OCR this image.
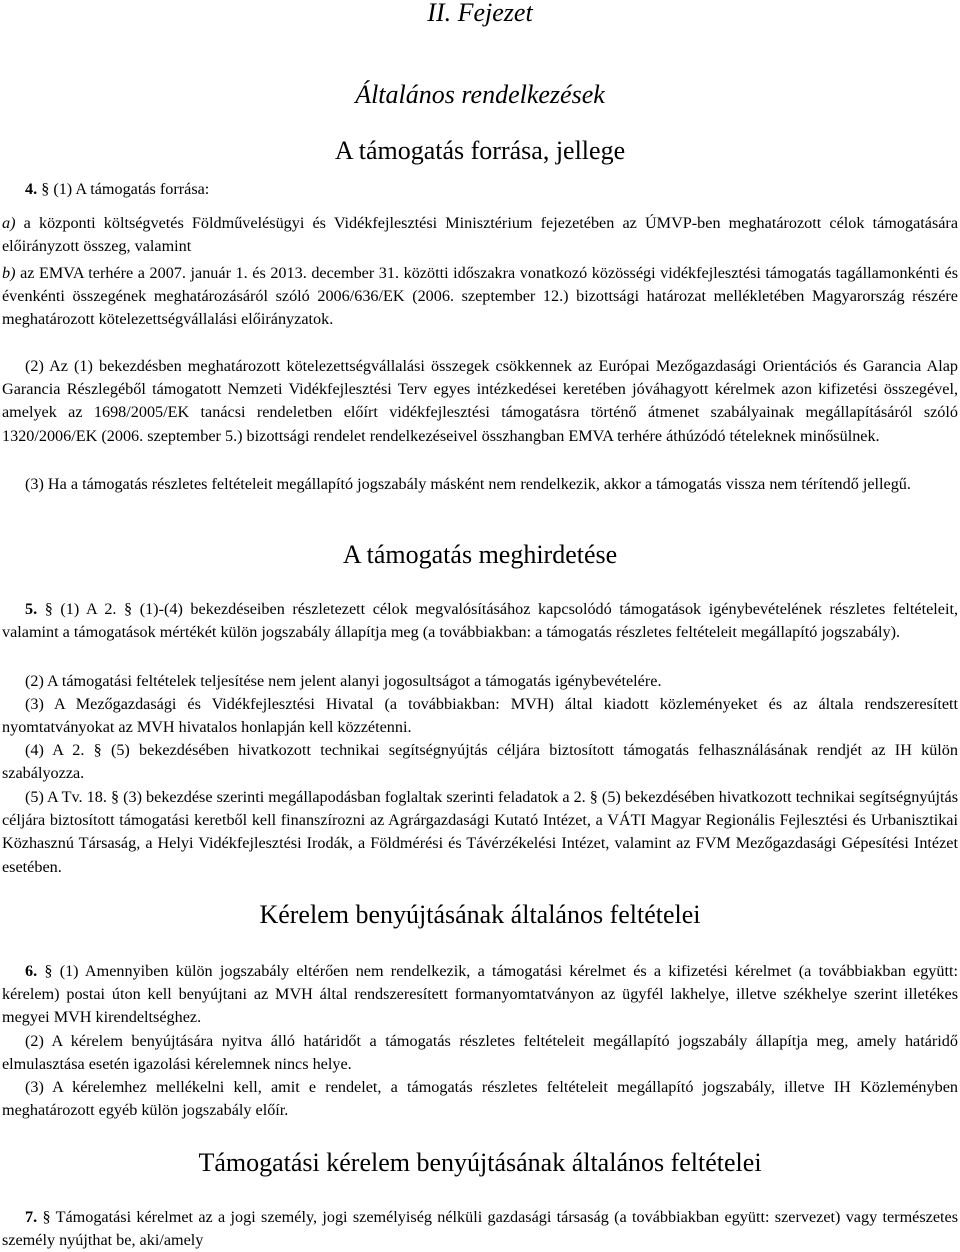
II. Fejezet
Általános rendelkezések
A támogatás forrása, jellege

4. § (1) A támogatás forrása:

a) a központi költségvetés Földművelésügyi és Vidékfejlesztési Minisztérium fejezetében az ÚMVP-ben meghatározott célok támogatására előirányzott összeg, valamint

b) az EMVA terhére a 2007. január 1. és 2013. december 31. közötti időszakra vonatkozó közösségi vidékfejlesztési támogatás tagállamonkénti és évenkénti összegének meghatározásáról szóló 2006/636/EK (2006. szeptember 12.) bizottsági határozat mellékletében Magyarország részére meghatározott kötelezettségvállalási előirányzatok.

(2) Az (1) bekezdésben meghatározott kötelezettségvállalási összegek csökkennek az Európai Mezőgazdasági Orientációs és Garancia Alap Garancia Részlegéből támogatott Nemzeti Vidékfejlesztési Terv egyes intézkedései keretében jóváhagyott kérelmek azon kifizetési összegével, amelyek az 1698/2005/EK tanácsi rendeletben előírt vidékfejlesztési támogatásra történő átmenet szabályainak megállapításáról szóló 1320/2006/EK (2006. szeptember 5.) bizottsági rendelet rendelkezéseivel összhangban EMVA terhére áthúzódó tételeknek minősülnek.

(3) Ha a támogatás részletes feltételeit megállapító jogszabály másként nem rendelkezik, akkor a támogatás vissza nem térítendő jellegű.

A támogatás meghirdetése

5. § (1) A 2. § (1)-(4) bekezdéseiben részletezett célok megvalósításához kapcsolódó támogatások igénybevételének részletes feltételeit, valamint a támogatások mértékét külön jogszabály állapítja meg (a továbbiakban: a támogatás részletes feltételeit megállapító jogszabály).

(2) A támogatási feltételek teljesítése nem jelent alanyi jogosultságot a támogatás igénybevételére.

(3) A Mezőgazdasági és Vidékfejlesztési Hivatal (a továbbiakban: MVH) által kiadott közleményeket és az általa rendszeresített nyomtatványokat az MVH hivatalos honlapján kell közzétenni.

(4) A 2. § (5) bekezdésében hivatkozott technikai segítségnyújtás céljára biztosított támogatás felhasználásának rendjét az IH külön szabályozza.

(5) A Tv. 18. § (3) bekezdése szerinti megállapodásban foglaltak szerinti feladatok a 2. § (5) bekezdésében hivatkozott technikai segítségnyújtás céljára biztosított támogatási keretből kell finanszírozni az Agrárgazdasági Kutató Intézet, a VÁTI Magyar Regionális Fejlesztési és Urbanisztikai Közhasznú Társaság, a Helyi Vidékfejlesztési Irodák, a Földmérési és Távérzékelési Intézet, valamint az FVM Mezőgazdasági Gépesítési Intézet esetében.

Kérelem benyújtásának általános feltételei

6. § (1) Amennyiben külön jogszabály eltérően nem rendelkezik, a támogatási kérelmet és a kifizetési kérelmet (a továbbiakban együtt: kérelem) postai úton kell benyújtani az MVH által rendszeresített formanyomtatványon az ügyfél lakhelye, illetve székhelye szerint illetékes megyei MVH kirendeltséghez.

(2) A kérelem benyújtására nyitva álló határidőt a támogatás részletes feltételeit megállapító jogszabály állapítja meg, amely határidő elmulasztása esetén igazolási kérelemnek nincs helye.

(3) A kérelemhez mellékelni kell, amit e rendelet, a támogatás részletes feltételeit megállapító jogszabály, illetve IH Közleményben meghatározott egyéb külön jogszabály előír.

Támogatási kérelem benyújtásának általános feltételei

7. § Támogatási kérelmet az a jogi személy, jogi személyiség nélküli gazdasági társaság (a továbbiakban együtt: szervezet) vagy természetes személy nyújthat be, aki/amely
